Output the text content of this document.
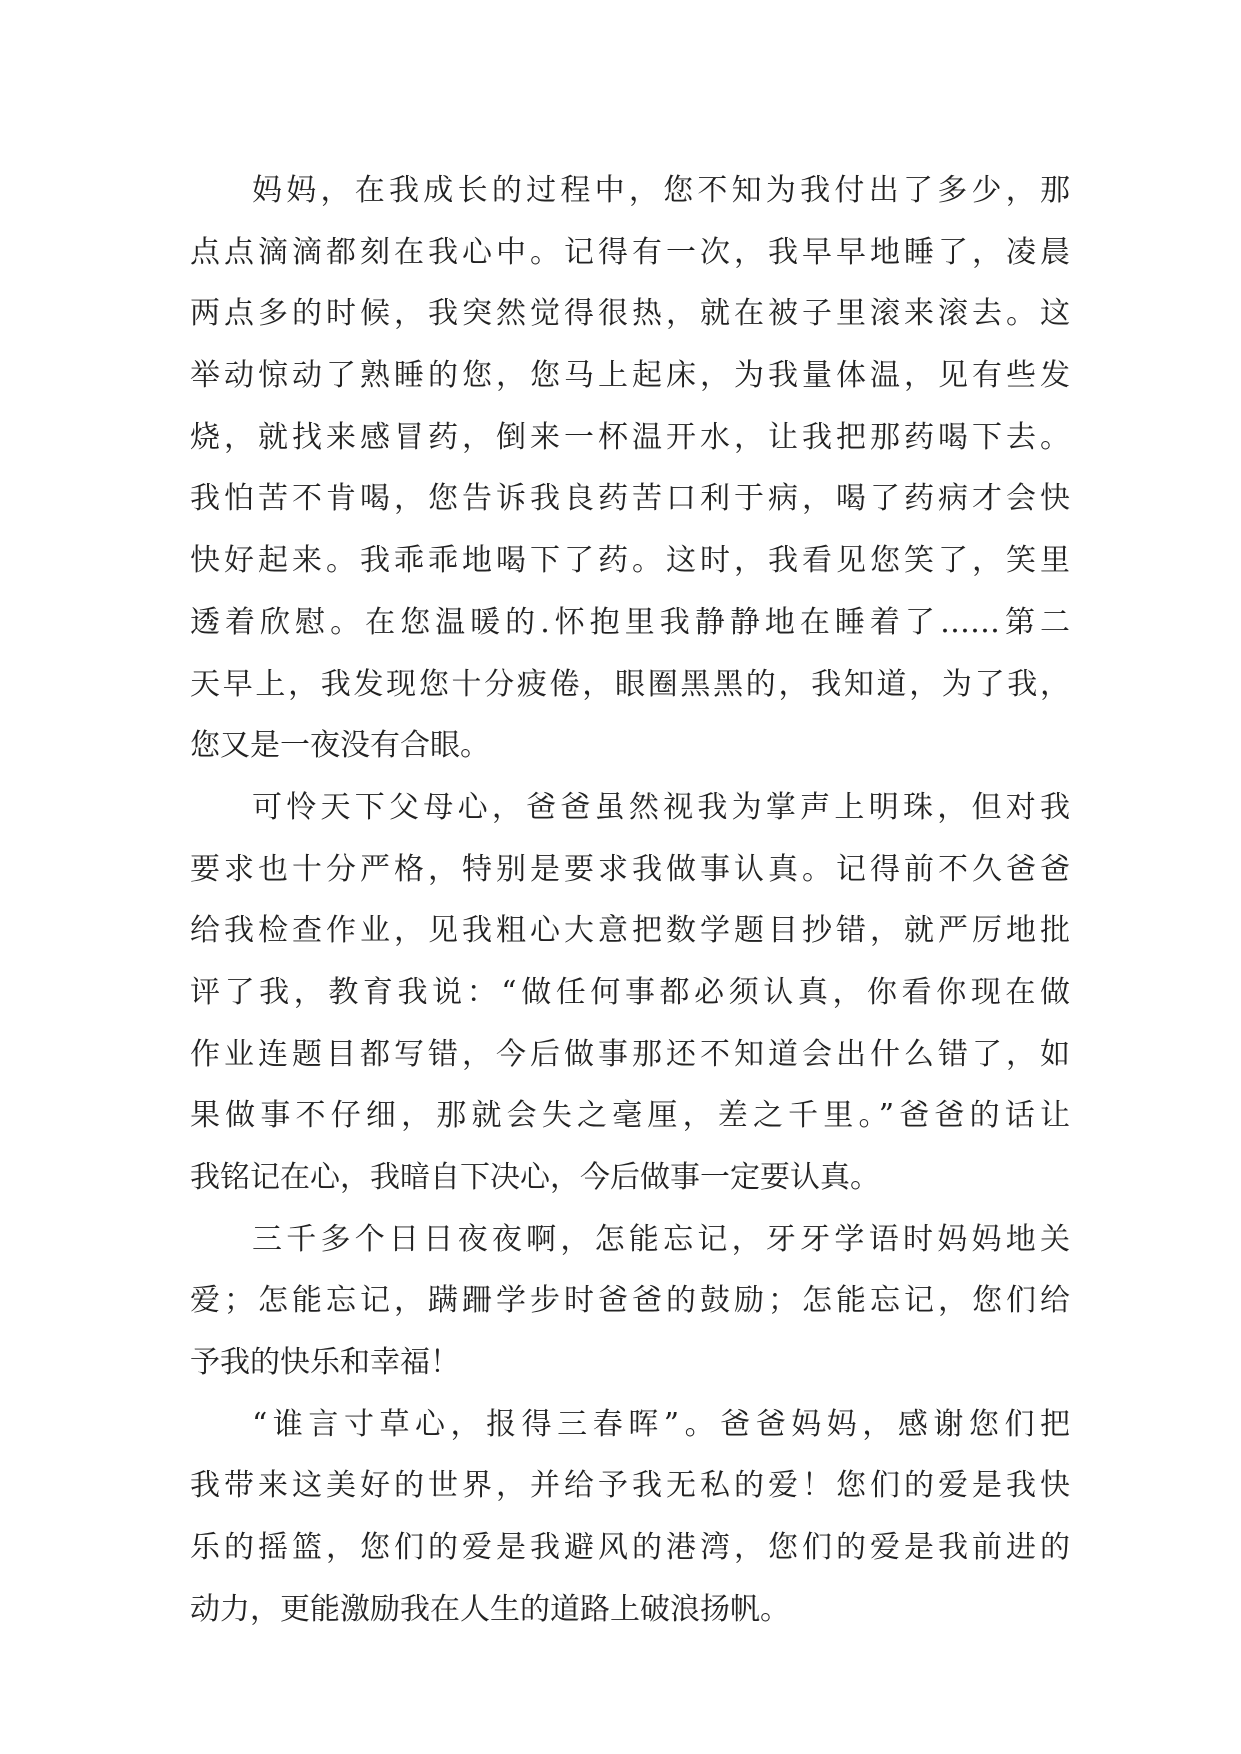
妈妈，在我成长的过程中，您不知为我付出了多少，那
点点滴滴都刻在我心中。记得有一次，我早早地睡了，凌晨
两点多的时候，我突然觉得很热，就在被子里滚来滚去。这
举动惊动了熟睡的您，您马上起床，为我量体温，见有些发
烧，就找来感冒药，倒来一杯温开水，让我把那药喝下去。
我怕苦不肯喝，您告诉我良药苦口利于病，喝了药病才会快
快好起来。我乖乖地喝下了药。这时，我看见您笑了，笑里
透着欣慰。在您温暖的.怀抱里我静静地在睡着了……第二
天早上，我发现您十分疲倦，眼圈黑黑的，我知道，为了我，
您又是一夜没有合眼。
可怜天下父母心，爸爸虽然视我为掌声上明珠，但对我
要求也十分严格，特别是要求我做事认真。记得前不久爸爸
给我检查作业，见我粗心大意把数学题目抄错，就严厉地批
评了我，教育我说：“做任何事都必须认真，你看你现在做
作业连题目都写错，今后做事那还不知道会出什么错了，如
果做事不仔细，那就会失之毫厘，差之千里。”爸爸的话让
我铭记在心，我暗自下决心，今后做事一定要认真。
三千多个日日夜夜啊，怎能忘记，牙牙学语时妈妈地关
爱；怎能忘记，蹒跚学步时爸爸的鼓励；怎能忘记，您们给
予我的快乐和幸福！
“谁言寸草心，报得三春晖”。爸爸妈妈，感谢您们把
我带来这美好的世界，并给予我无私的爱！您们的爱是我快
乐的摇篮，您们的爱是我避风的港湾，您们的爱是我前进的
动力，更能激励我在人生的道路上破浪扬帆。
